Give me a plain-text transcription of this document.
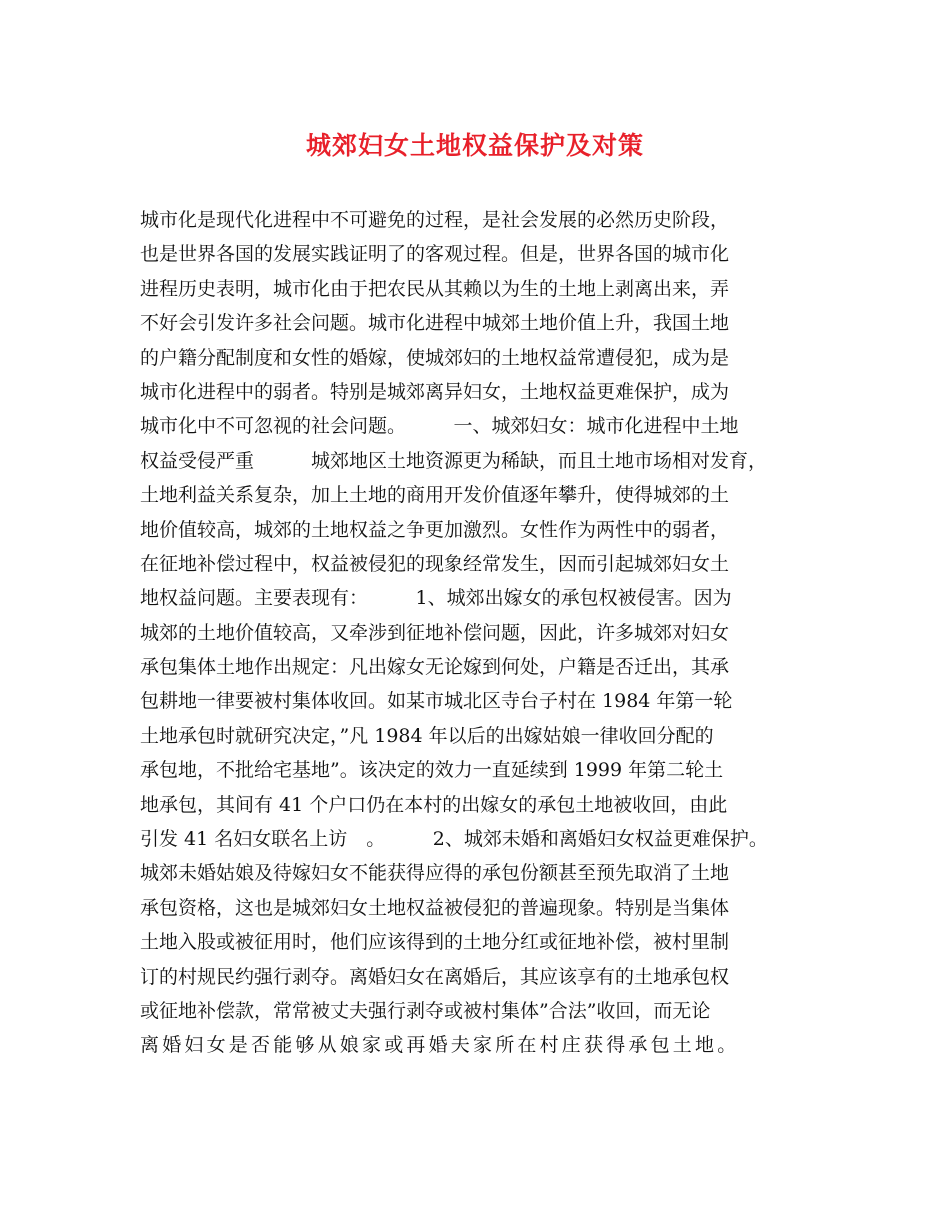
城郊妇女土地权益保护及对策
城市化是现代化进程中不可避免的过程，是社会发展的必然历史阶段，
也是世界各国的发展实践证明了的客观过程。但是，世界各国的城市化
进程历史表明，城市化由于把农民从其赖以为生的土地上剥离出来，弄
不好会引发许多社会问题。城市化进程中城郊土地价值上升，我国土地
的户籍分配制度和女性的婚嫁，使城郊妇的土地权益常遭侵犯，成为是
城市化进程中的弱者。特别是城郊离异妇女，土地权益更难保护，成为
城市化中不可忽视的社会问题。　　　一、城郊妇女：城市化进程中土地
权益受侵严重　　　城郊地区土地资源更为稀缺，而且土地市场相对发育，
土地利益关系复杂，加上土地的商用开发价值逐年攀升，使得城郊的土
地价值较高，城郊的土地权益之争更加激烈。女性作为两性中的弱者，
在征地补偿过程中，权益被侵犯的现象经常发生，因而引起城郊妇女土
地权益问题。主要表现有：　　　1、城郊出嫁女的承包权被侵害。因为
城郊的土地价值较高，又牵涉到征地补偿问题，因此，许多城郊对妇女
承包集体土地作出规定：凡出嫁女无论嫁到何处，户籍是否迁出，其承
包耕地一律要被村集体收回。如某市城北区寺台子村在 1984 年第一轮
土地承包时就研究决定，”凡 1984 年以后的出嫁姑娘一律收回分配的
承包地，不批给宅基地”。该决定的效力一直延续到 1999 年第二轮土
地承包，其间有 41 个户口仍在本村的出嫁女的承包土地被收回，由此
引发 41 名妇女联名上访　。　　　2、城郊未婚和离婚妇女权益更难保护。
城郊未婚姑娘及待嫁妇女不能获得应得的承包份额甚至预先取消了土地
承包资格，这也是城郊妇女土地权益被侵犯的普遍现象。特别是当集体
土地入股或被征用时，他们应该得到的土地分红或征地补偿，被村里制
订的村规民约强行剥夺。离婚妇女在离婚后，其应该享有的土地承包权
或征地补偿款，常常被丈夫强行剥夺或被村集体”合法”收回，而无论
离婚妇女是否能够从娘家或再婚夫家所在村庄获得承包土地。
